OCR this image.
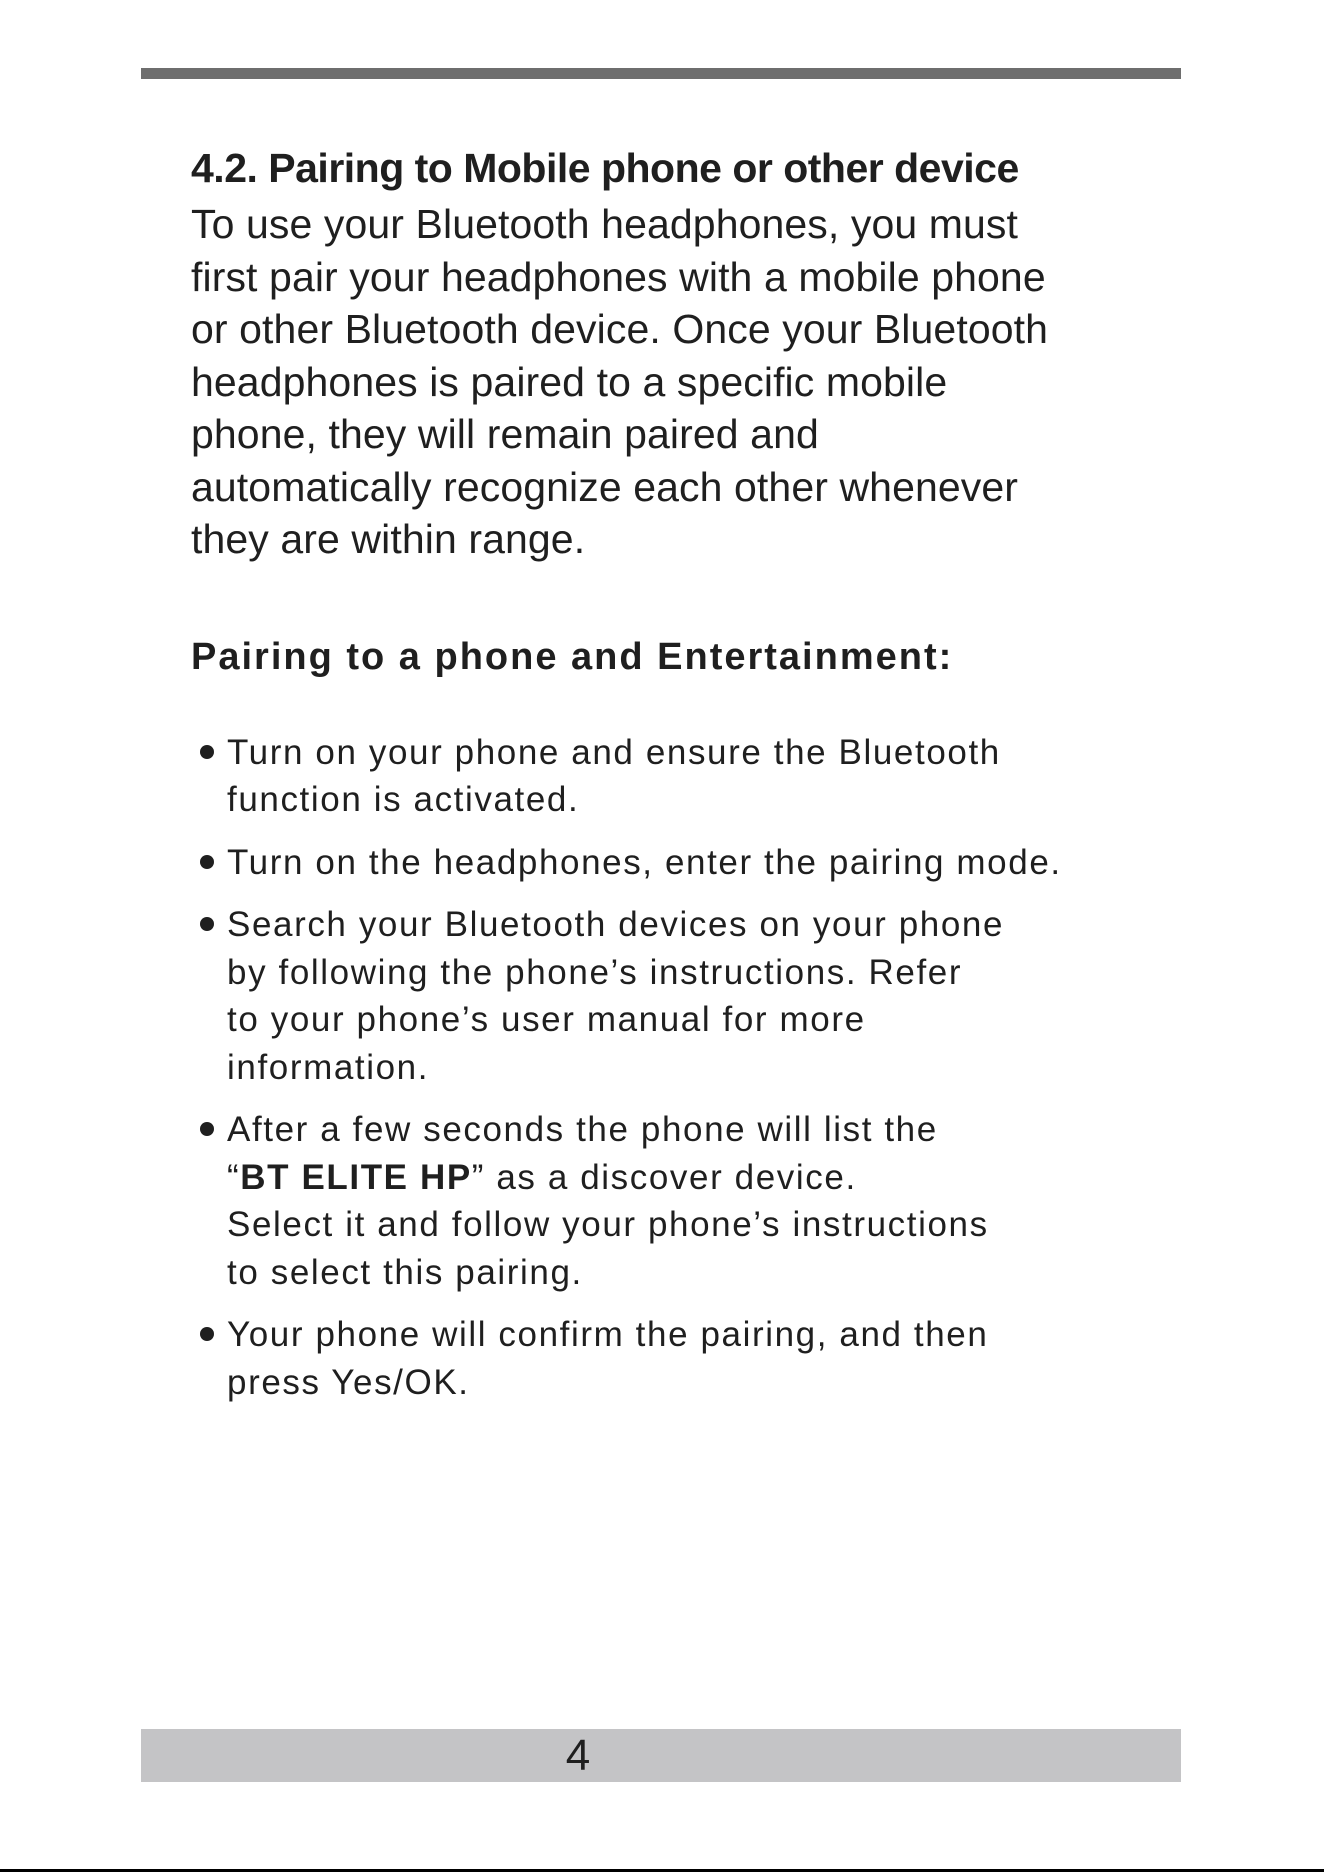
4.2. Pairing to Mobile phone or other device

To use your Bluetooth headphones, you must
first pair your headphones with a mobile phone
or other Bluetooth device. Once your Bluetooth
headphones is paired to a specific mobile
phone, they will remain paired and
automatically recognize each other whenever
they are within range.

Pairing to a phone and Entertainment:
Turn on your phone and ensure the Bluetooth
function is activated.
Turn on the headphones, enter the pairing mode.
Search your Bluetooth devices on your phone
by following the phone’s instructions. Refer
to your phone’s user manual for more
information.
After a few seconds the phone will list the
“BT ELITE HP” as a discover device.
Select it and follow your phone’s instructions
to select this pairing.
Your phone will confirm the pairing, and then
press Yes/OK.
4
